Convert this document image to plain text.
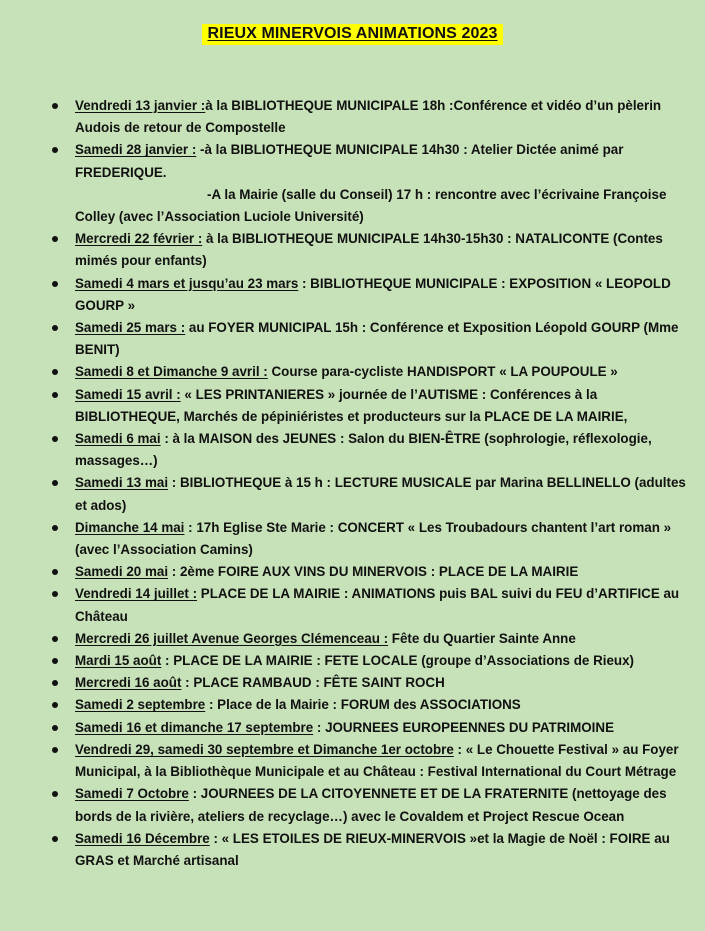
RIEUX MINERVOIS ANIMATIONS 2023
Vendredi 13 janvier :à la BIBLIOTHEQUE MUNICIPALE 18h :Conférence et vidéo d’un pèlerin Audois de retour de Compostelle
Samedi 28 janvier : -à la BIBLIOTHEQUE MUNICIPALE 14h30 : Atelier Dictée animé par FREDERIQUE.
-A la Mairie (salle du Conseil) 17 h : rencontre avec l’écrivaine Françoise Colley (avec l’Association Luciole Université)
Mercredi 22 février : à la BIBLIOTHEQUE MUNICIPALE 14h30-15h30 : NATALICONTE (Contes mimés pour enfants)
Samedi 4 mars et jusqu’au 23 mars : BIBLIOTHEQUE MUNICIPALE : EXPOSITION « LEOPOLD GOURP »
Samedi 25 mars : au FOYER MUNICIPAL 15h : Conférence et Exposition Léopold GOURP (Mme BENIT)
Samedi 8 et Dimanche 9 avril : Course para-cycliste HANDISPORT « LA POUPOULE »
Samedi 15 avril : « LES PRINTANIERES » journée de l’AUTISME : Conférences à la BIBLIOTHEQUE, Marchés de pépiniéristes et producteurs sur la PLACE DE LA MAIRIE,
Samedi 6 mai : à la MAISON des JEUNES : Salon du BIEN-ÊTRE (sophrologie, réflexologie, massages…)
Samedi 13 mai : BIBLIOTHEQUE à 15 h : LECTURE MUSICALE par Marina BELLINELLO (adultes et ados)
Dimanche 14 mai : 17h Eglise Ste Marie : CONCERT « Les Troubadours chantent l’art roman » (avec l’Association Camins)
Samedi 20 mai : 2ème FOIRE AUX VINS DU MINERVOIS : PLACE DE LA MAIRIE
Vendredi 14 juillet : PLACE DE LA MAIRIE : ANIMATIONS puis BAL suivi du FEU d’ARTIFICE au Château
Mercredi 26 juillet Avenue Georges Clémenceau : Fête du Quartier Sainte Anne
Mardi 15 août : PLACE DE LA MAIRIE : FETE LOCALE (groupe d’Associations de Rieux)
Mercredi 16 août : PLACE RAMBAUD : FÊTE SAINT ROCH
Samedi 2 septembre : Place de la Mairie : FORUM des ASSOCIATIONS
Samedi 16 et dimanche 17 septembre : JOURNEES EUROPEENNES DU PATRIMOINE
Vendredi 29, samedi 30 septembre et Dimanche 1er octobre : « Le Chouette Festival » au Foyer Municipal, à la Bibliothèque Municipale et au Château : Festival International du Court Métrage
Samedi 7 Octobre : JOURNEES DE LA CITOYENNETE ET DE LA FRATERNITE (nettoyage des bords de la rivière, ateliers de recyclage…) avec le Covaldem et Project Rescue Ocean
Samedi 16 Décembre : « LES ETOILES DE RIEUX-MINERVOIS »et la Magie de Noël : FOIRE au GRAS et Marché artisanal
